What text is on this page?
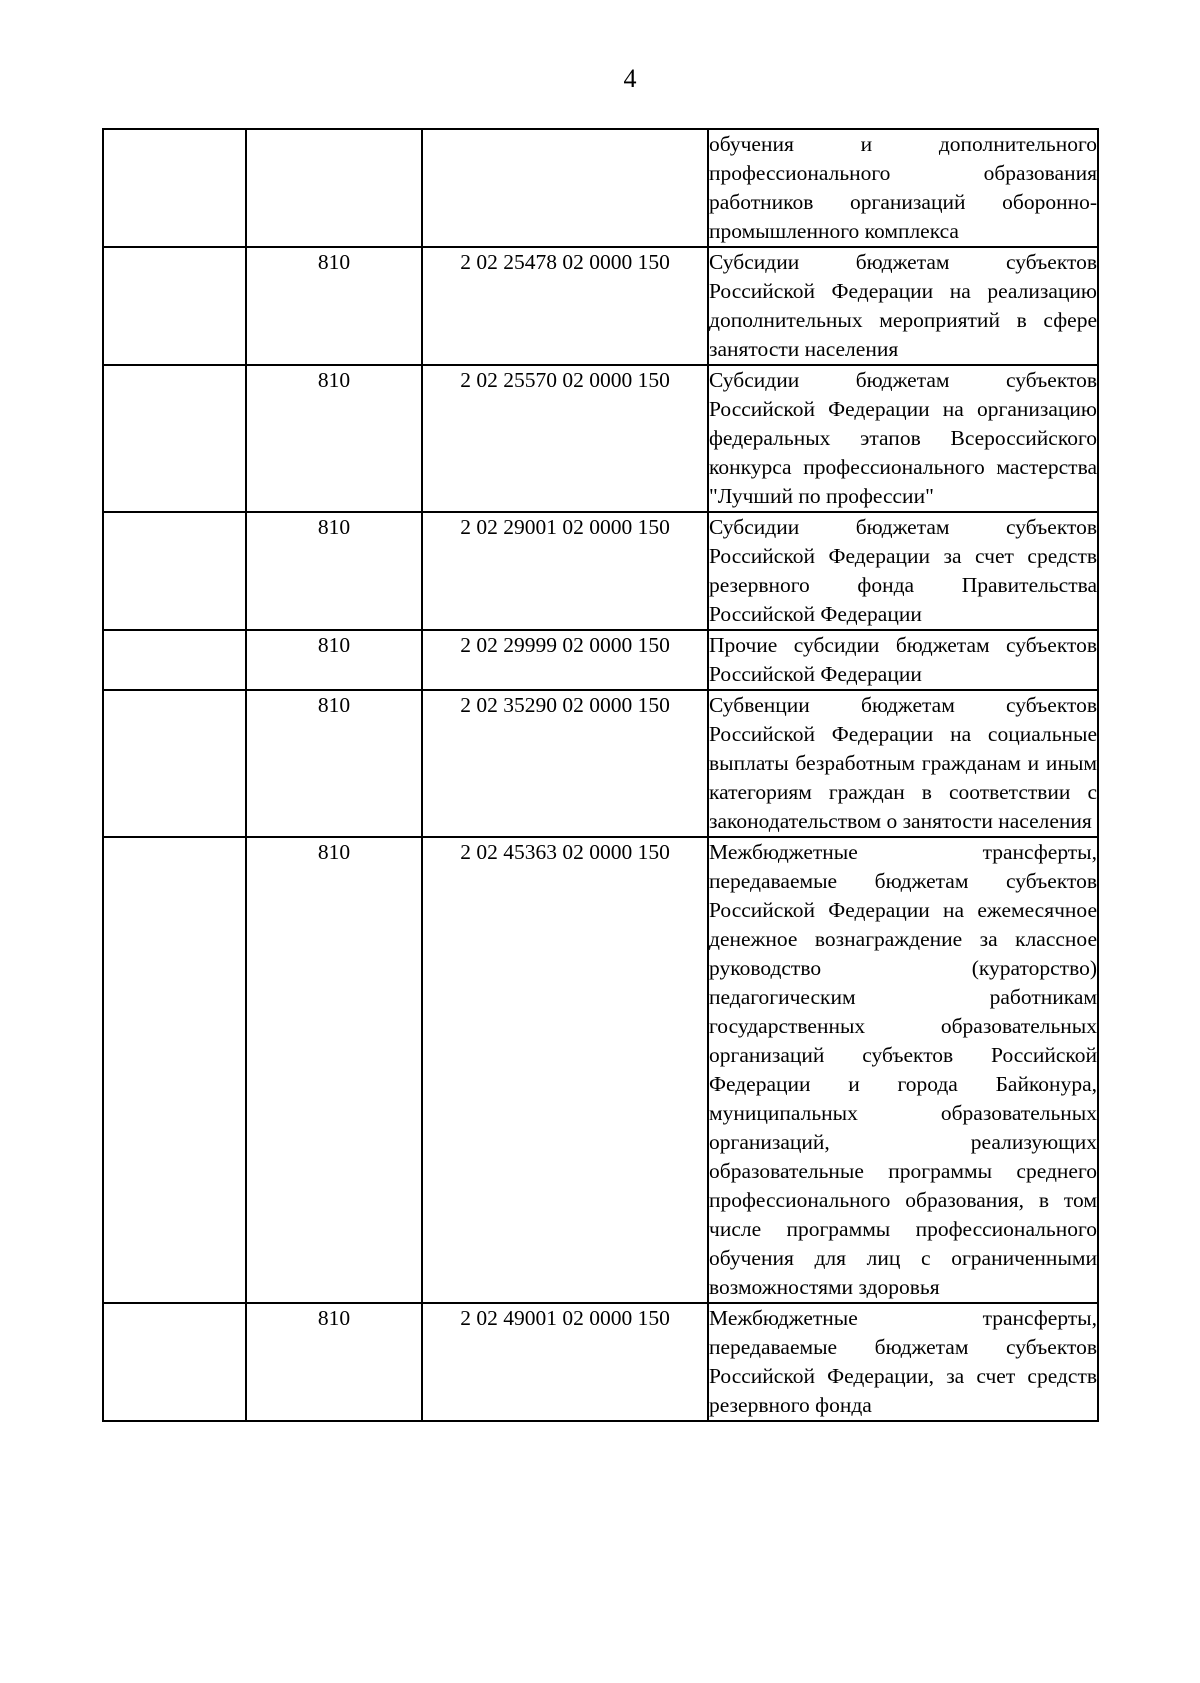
4
			обучения и дополнительного профессионального образования работников организаций оборонно-промышленного комплекса
	810	2 02 25478 02 0000 150	Субсидии бюджетам субъектов Российской Федерации на реализацию дополнительных мероприятий в сфере занятости населения
	810	2 02 25570 02 0000 150	Субсидии бюджетам субъектов Российской Федерации на организацию федеральных этапов Всероссийского конкурса профессионального мастерства "Лучший по профессии"
	810	2 02 29001 02 0000 150	Субсидии бюджетам субъектов Российской Федерации за счет средств резервного фонда Правительства Российской Федерации
	810	2 02 29999 02 0000 150	Прочие субсидии бюджетам субъектов Российской Федерации
	810	2 02 35290 02 0000 150	Субвенции бюджетам субъектов Российской Федерации на социальные выплаты безработным гражданам и иным категориям граждан в соответствии с законодательством о занятости населения
	810	2 02 45363 02 0000 150	Межбюджетные трансферты, передаваемые бюджетам субъектов Российской Федерации на ежемесячное денежное вознаграждение за классное руководство (кураторство) педагогическим работникам государственных образовательных организаций субъектов Российской Федерации и города Байконура, муниципальных образовательных организаций, реализующих образовательные программы среднего профессионального образования, в том числе программы профессионального обучения для лиц с ограниченными возможностями здоровья
	810	2 02 49001 02 0000 150	Межбюджетные трансферты, передаваемые бюджетам субъектов Российской Федерации, за счет средств резервного фонда
